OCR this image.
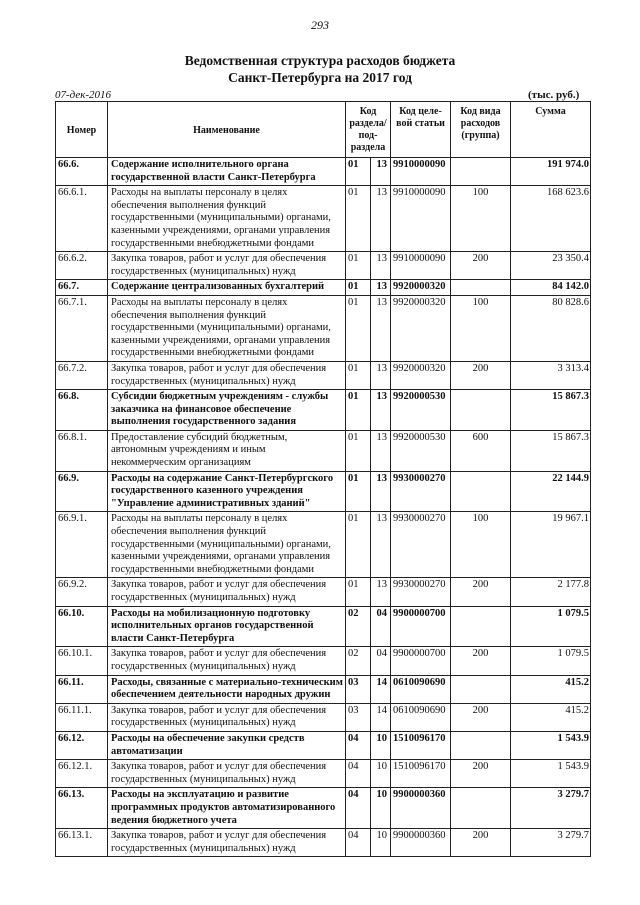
293
Ведомственная структура расходов бюджета
Санкт-Петербурга на 2017 год
07-дек-2016	(тыс. руб.)
Номер	Наименование	Код раздела/под-раздела		Код целе-вой статьи	Код вида расходов (группа)	Сумма
66.6.	Содержание исполнительного органа государственной власти Санкт-Петербурга	01	13	9910000090		191 974.0
66.6.1.	Расходы на выплаты персоналу в целях обеспечения выполнения функций государственными (муниципальными) органами, казенными учреждениями, органами управления государственными внебюджетными фондами	01	13	9910000090	100	168 623.6
66.6.2.	Закупка товаров, работ и услуг для обеспечения государственных (муниципальных) нужд	01	13	9910000090	200	23 350.4
66.7.	Содержание централизованных бухгалтерий	01	13	9920000320		84 142.0
66.7.1.	Расходы на выплаты персоналу в целях обеспечения выполнения функций государственными (муниципальными) органами, казенными учреждениями, органами управления государственными внебюджетными фондами	01	13	9920000320	100	80 828.6
66.7.2.	Закупка товаров, работ и услуг для обеспечения государственных (муниципальных) нужд	01	13	9920000320	200	3 313.4
66.8.	Субсидии бюджетным учреждениям - службы заказчика на финансовое обеспечение выполнения государственного задания	01	13	9920000530		15 867.3
66.8.1.	Предоставление субсидий бюджетным, автономным учреждениям и иным некоммерческим организациям	01	13	9920000530	600	15 867.3
66.9.	Расходы на содержание Санкт-Петербургского государственного казенного учреждения "Управление административных зданий"	01	13	9930000270		22 144.9
66.9.1.	Расходы на выплаты персоналу в целях обеспечения выполнения функций государственными (муниципальными) органами, казенными учреждениями, органами управления государственными внебюджетными фондами	01	13	9930000270	100	19 967.1
66.9.2.	Закупка товаров, работ и услуг для обеспечения государственных (муниципальных) нужд	01	13	9930000270	200	2 177.8
66.10.	Расходы на мобилизационную подготовку исполнительных органов государственной власти Санкт-Петербурга	02	04	9900000700		1 079.5
66.10.1.	Закупка товаров, работ и услуг для обеспечения государственных (муниципальных) нужд	02	04	9900000700	200	1 079.5
66.11.	Расходы, связанные с материально-техническим обеспечением деятельности народных дружин	03	14	0610090690		415.2
66.11.1.	Закупка товаров, работ и услуг для обеспечения государственных (муниципальных) нужд	03	14	0610090690	200	415.2
66.12.	Расходы на обеспечение закупки средств автоматизации	04	10	1510096170		1 543.9
66.12.1.	Закупка товаров, работ и услуг для обеспечения государственных (муниципальных) нужд	04	10	1510096170	200	1 543.9
66.13.	Расходы на эксплуатацию и развитие программных продуктов автоматизированного ведения бюджетного учета	04	10	9900000360		3 279.7
66.13.1.	Закупка товаров, работ и услуг для обеспечения государственных (муниципальных) нужд	04	10	9900000360	200	3 279.7
